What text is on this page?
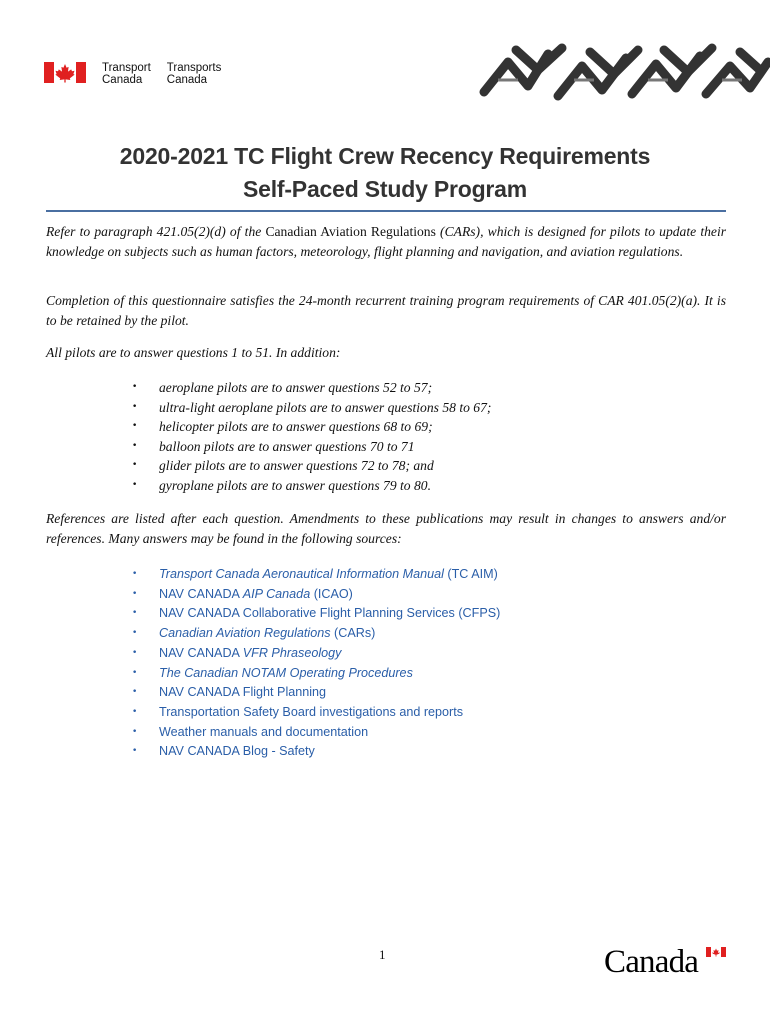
Transport
Canada
Transports
Canada
2020-2021 TC Flight Crew Recency Requirements
Self-Paced Study Program
Refer to paragraph 421.05(2)(d) of the Canadian Aviation Regulations (CARs), which is designed for pilots to update their knowledge on subjects such as human factors, meteorology, flight planning and navigation, and aviation regulations.
Completion of this questionnaire satisfies the 24-month recurrent training program requirements of CAR 401.05(2)(a). It is to be retained by the pilot.
All pilots are to answer questions 1 to 51. In addition:
• aeroplane pilots are to answer questions 52 to 57;
• ultra-light aeroplane pilots are to answer questions 58 to 67;
• helicopter pilots are to answer questions 68 to 69;
• balloon pilots are to answer questions 70 to 71
• glider pilots are to answer questions 72 to 78; and
• gyroplane pilots are to answer questions 79 to 80.
References are listed after each question. Amendments to these publications may result in changes to answers and/or references. Many answers may be found in the following sources:
• Transport Canada Aeronautical Information Manual (TC AIM)
• NAV CANADA AIP Canada (ICAO)
• NAV CANADA Collaborative Flight Planning Services (CFPS)
• Canadian Aviation Regulations (CARs)
• NAV CANADA VFR Phraseology
• The Canadian NOTAM Operating Procedures
• NAV CANADA Flight Planning
• Transportation Safety Board investigations and reports
• Weather manuals and documentation
• NAV CANADA Blog - Safety
1	Canada
